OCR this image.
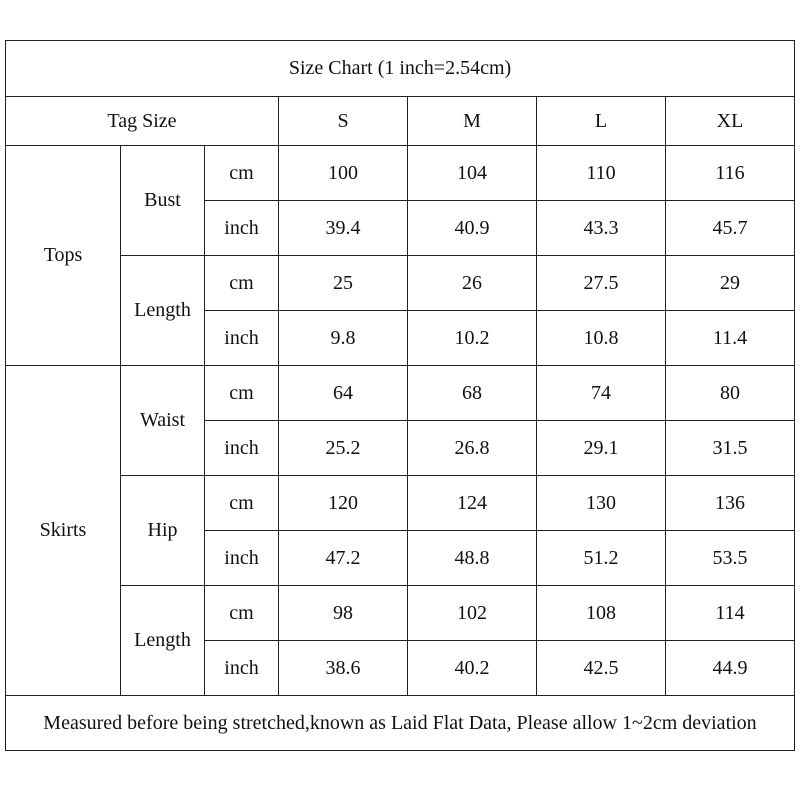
Size Chart (1 inch=2.54cm)						
Tag Size			S	M	L	XL
Tops	Bust	cm	100	104	110	116
		inch	39.4	40.9	43.3	45.7
	Length	cm	25	26	27.5	29
		inch	9.8	10.2	10.8	11.4
Skirts	Waist	cm	64	68	74	80
		inch	25.2	26.8	29.1	31.5
	Hip	cm	120	124	130	136
		inch	47.2	48.8	51.2	53.5
	Length	cm	98	102	108	114
		inch	38.6	40.2	42.5	44.9
Measured before being stretched,known as Laid Flat Data, Please allow 1~2cm deviation						
